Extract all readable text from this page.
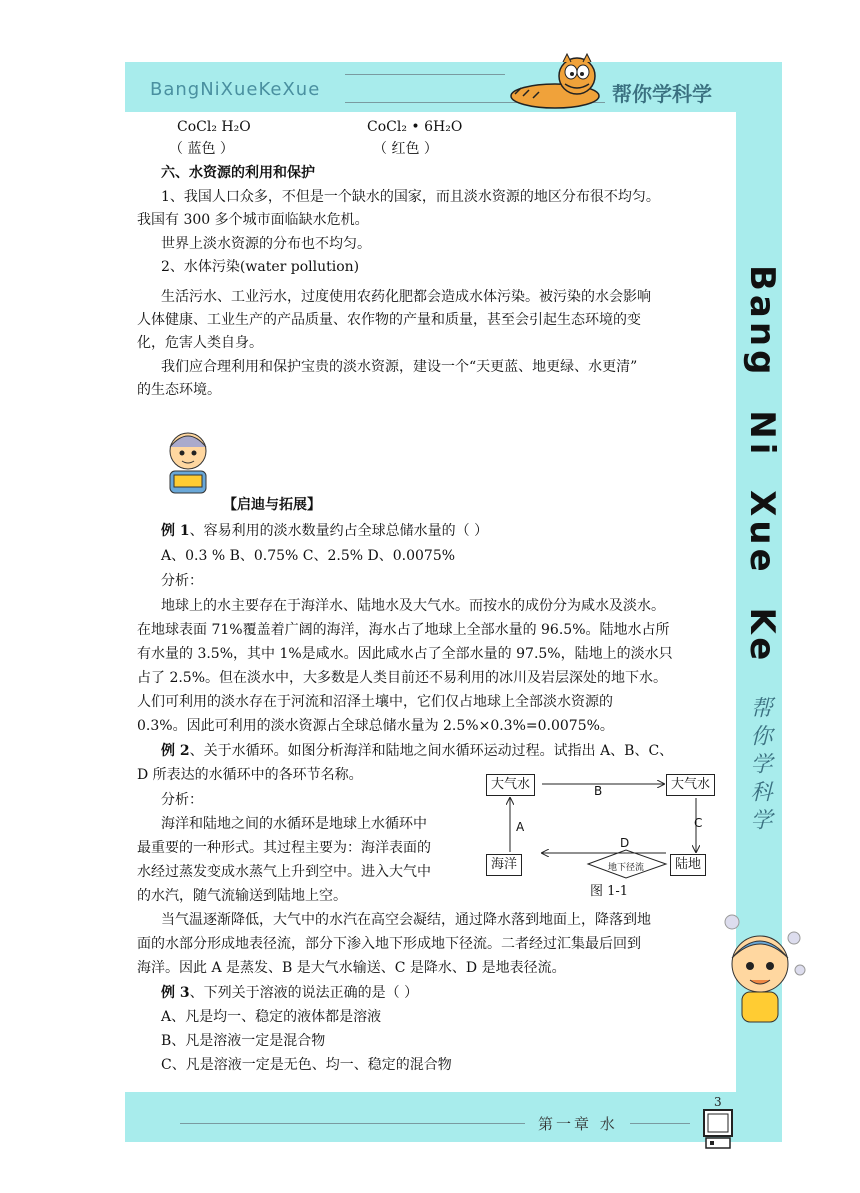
BangNiXueKeXue	帮你学科学
Bang Ni Xue Ke
帮你学科学
CoCl₂ H₂O	CoCl₂ • 6H₂O
（ 蓝色 ）	（ 红色 ）
六、水资源的利用和保护
1、我国人口众多，不但是一个缺水的国家，而且淡水资源的地区分布很不均匀。
我国有 300 多个城市面临缺水危机。
世界上淡水资源的分布也不均匀。
2、水体污染(water pollution)
生活污水、工业污水，过度使用农药化肥都会造成水体污染。被污染的水会影响
人体健康、工业生产的产品质量、农作物的产量和质量，甚至会引起生态环境的变
化，危害人类自身。
我们应合理利用和保护宝贵的淡水资源，建设一个“天更蓝、地更绿、水更清”
的生态环境。
【启迪与拓展】
例 1、容易利用的淡水数量约占全球总储水量的（ ）
A、0.3 % B、0.75% C、2.5% D、0.0075%
分析：
地球上的水主要存在于海洋水、陆地水及大气水。而按水的成份分为咸水及淡水。
在地球表面 71%覆盖着广阔的海洋，海水占了地球上全部水量的 96.5%。陆地水占所
有水量的 3.5%，其中 1%是咸水。因此咸水占了全部水量的 97.5%，陆地上的淡水只
占了 2.5%。但在淡水中，大多数是人类目前还不易利用的冰川及岩层深处的地下水。
人们可利用的淡水存在于河流和沼泽土壤中，它们仅占地球上全部淡水资源的
0.3%。因此可利用的淡水资源占全球总储水量为 2.5%×0.3%=0.0075%。
例 2、关于水循环。如图分析海洋和陆地之间水循环运动过程。试指出 A、B、C、
D 所表达的水循环中的各环节名称。
分析：
海洋和陆地之间的水循环是地球上水循环中
最重要的一种形式。其过程主要为：海洋表面的
水经过蒸发变成水蒸气上升到空中。进入大气中
的水汽，随气流输送到陆地上空。
当气温逐渐降低，大气中的水汽在高空会凝结，通过降水落到地面上，降落到地
面的水部分形成地表径流，部分下渗入地下形成地下径流。二者经过汇集最后回到
海洋。因此 A 是蒸发、B 是大气水输送、C 是降水、D 是地表径流。
例 3、下列关于溶液的说法正确的是（ ）
A、凡是均一、稳定的液体都是溶液
B、凡是溶液一定是混合物
C、凡是溶液一定是无色、均一、稳定的混合物
大气水	大气水
海洋	陆地
B
A	C
D
地下径流
图 1-1
第一章 水
3
